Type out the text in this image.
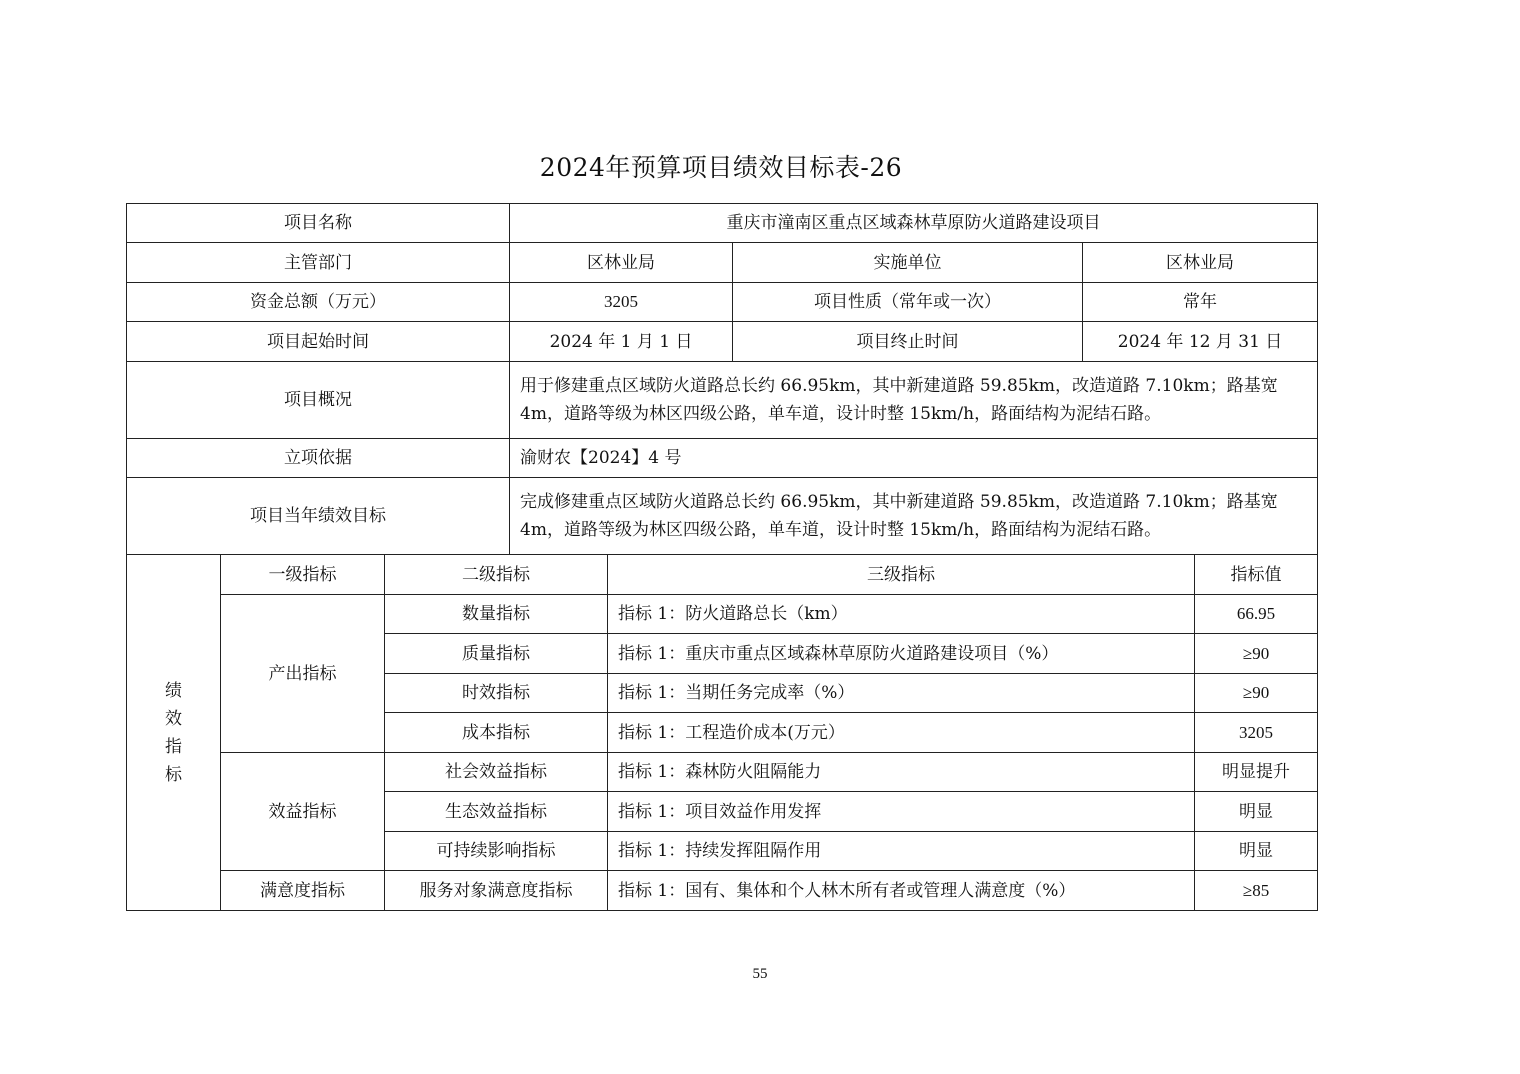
2024年预算项目绩效目标表-26
项目名称			重庆市潼南区重点区域森林草原防火道路建设项目				
主管部门			区林业局		实施单位	区林业局	
资金总额（万元）			3205		项目性质（常年或一次）	常年	
项目起始时间			2024 年 1 月 1 日		项目终止时间	2024 年 12 月 31 日	
项目概况			用于修建重点区域防火道路总长约 66.95km，其中新建道路 59.85km，改造道路 7.10km；路基宽 4m，道路等级为林区四级公路，单车道，设计时整 15km/h，路面结构为泥结石路。				
立项依据			渝财农【2024】4 号				
项目当年绩效目标			完成修建重点区域防火道路总长约 66.95km，其中新建道路 59.85km，改造道路 7.10km；路基宽 4m，道路等级为林区四级公路，单车道，设计时整 15km/h，路面结构为泥结石路。				

绩
效
指
标	一级指标	二级指标		三级指标			指标值
	产出指标	数量指标		指标 1：防火道路总长（km）			66.95
		质量指标		指标 1：重庆市重点区域森林草原防火道路建设项目（%）			≥90
		时效指标		指标 1：当期任务完成率（%）			≥90
		成本指标		指标 1：工程造价成本(万元）			3205
	效益指标	社会效益指标		指标 1：森林防火阻隔能力			明显提升
		生态效益指标		指标 1：项目效益作用发挥			明显
		可持续影响指标		指标 1：持续发挥阻隔作用			明显
	满意度指标	服务对象满意度指标		指标 1：国有、集体和个人林木所有者或管理人满意度（%）			≥85
55
